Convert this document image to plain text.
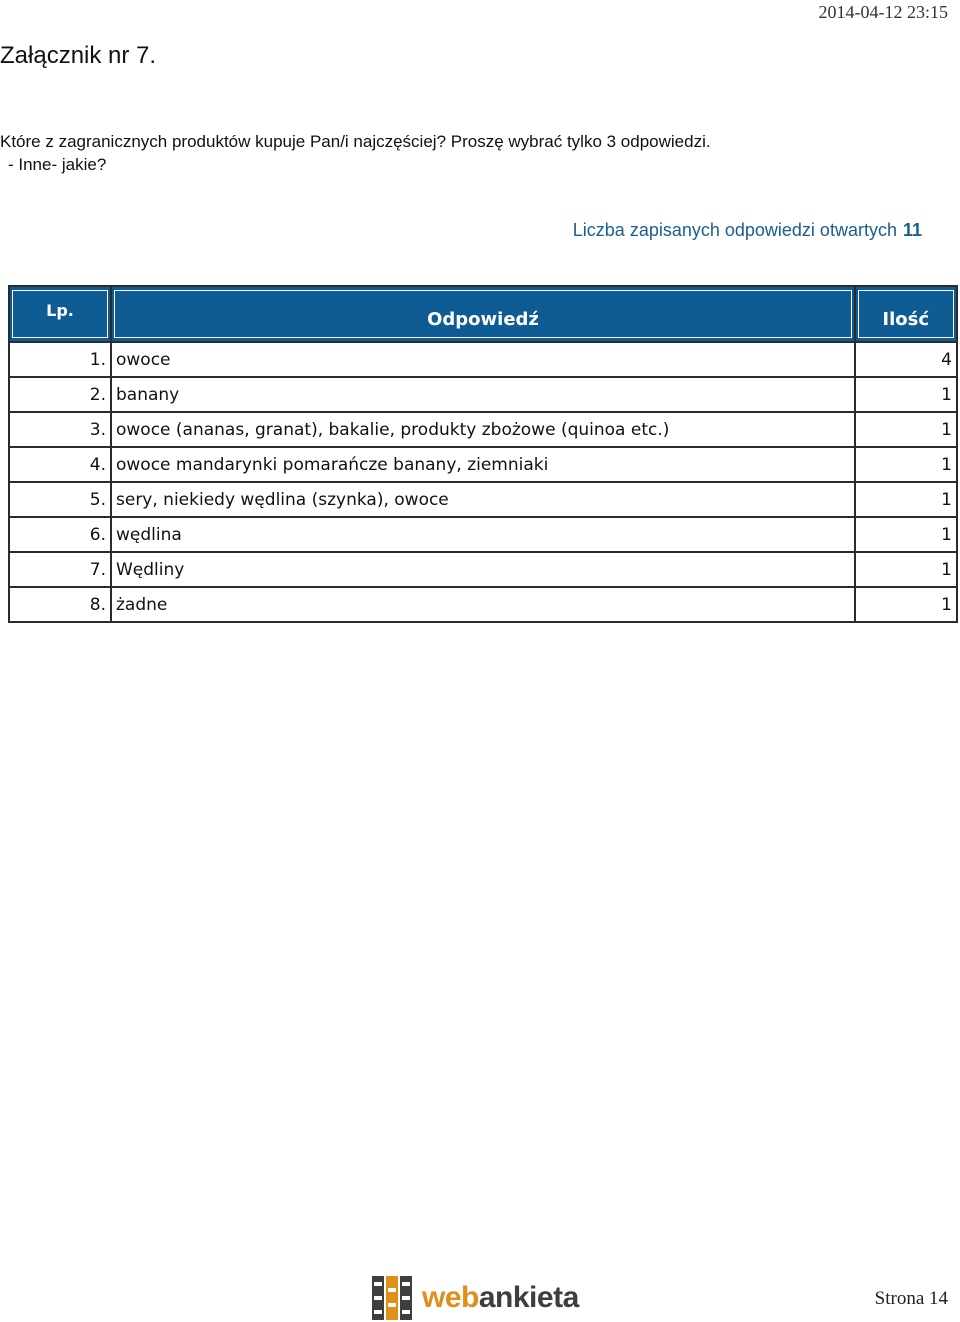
2014-04-12 23:15
Załącznik nr 7.
Które z zagranicznych produktów kupuje Pan/i najczęściej? Proszę wybrać tylko 3 odpowiedzi.
- Inne- jakie?
Liczba zapisanych odpowiedzi otwartych 11
Lp.	Odpowiedź	Ilość

1.	owoce	4
2.	banany	1
3.	owoce (ananas, granat), bakalie, produkty zbożowe (quinoa etc.)	1
4.	owoce mandarynki pomarańcze banany, ziemniaki	1
5.	sery, niekiedy wędlina (szynka), owoce	1
6.	wędlina	1
7.	Wędliny	1
8.	żadne	1
webankieta	Strona 14
